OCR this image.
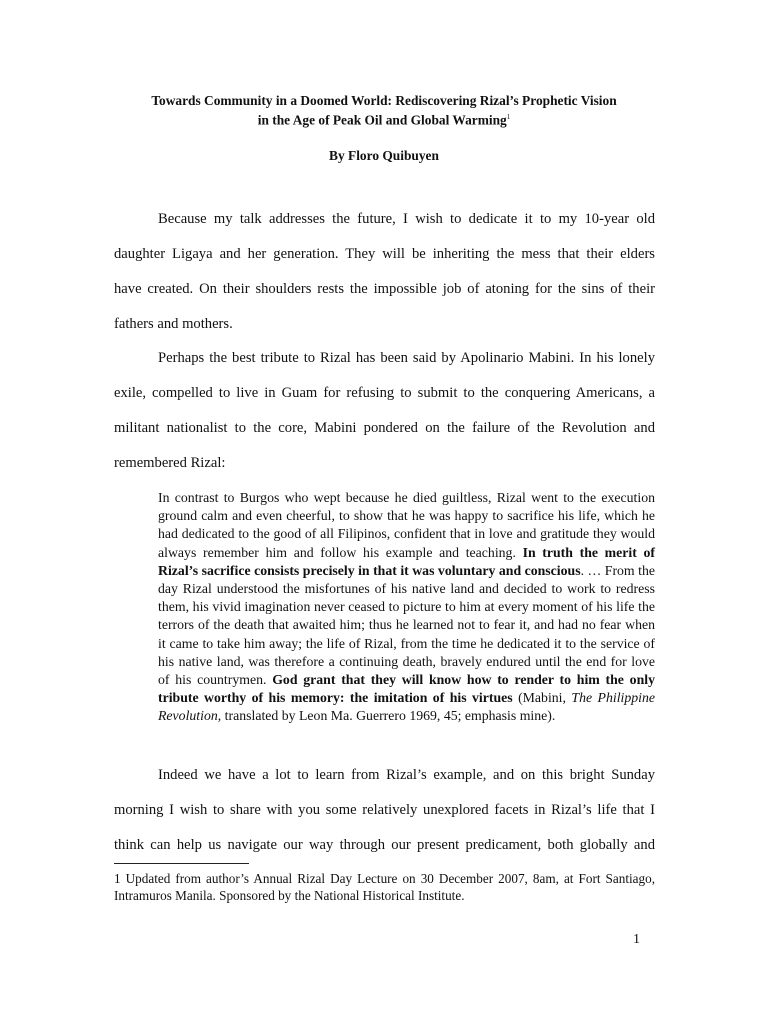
Towards Community in a Doomed World: Rediscovering Rizal’s Prophetic Vision
in the Age of Peak Oil and Global Warming$^1$
By Floro Quibuyen
Because my talk addresses the future, I wish to dedicate it to my 10-year old
daughter Ligaya and her generation. They will be inheriting the mess that their elders
have created. On their shoulders rests the impossible job of atoning for the sins of their
fathers and mothers.
Perhaps the best tribute to Rizal has been said by Apolinario Mabini. In his lonely
exile, compelled to live in Guam for refusing to submit to the conquering Americans, a
militant nationalist to the core, Mabini pondered on the failure of the Revolution and
remembered Rizal:
In contrast to Burgos who wept because he died guiltless, Rizal went to the execution ground calm and even cheerful, to show that he was happy to sacrifice his life, which he had dedicated to the good of all Filipinos, confident that in love and gratitude they would always remember him and follow his example and teaching. In truth the merit of Rizal’s sacrifice consists precisely in that it was voluntary and conscious. … From the day Rizal understood the misfortunes of his native land and decided to work to redress them, his vivid imagination never ceased to picture to him at every moment of his life the terrors of the death that awaited him; thus he learned not to fear it, and had no fear when it came to take him away; the life of Rizal, from the time he dedicated it to the service of his native land, was therefore a continuing death, bravely endured until the end for love of his countrymen. God grant that they will know how to render to him the only tribute worthy of his memory: the imitation of his virtues (Mabini, The Philippine Revolution, translated by Leon Ma. Guerrero 1969, 45; emphasis mine).
Indeed we have a lot to learn from Rizal’s example, and on this bright Sunday
morning I wish to share with you some relatively unexplored facets in Rizal’s life that I
think can help us navigate our way through our present predicament, both globally and
1 Updated from author’s Annual Rizal Day Lecture on 30 December 2007, 8am, at Fort Santiago, Intramuros Manila. Sponsored by the National Historical Institute.
1
